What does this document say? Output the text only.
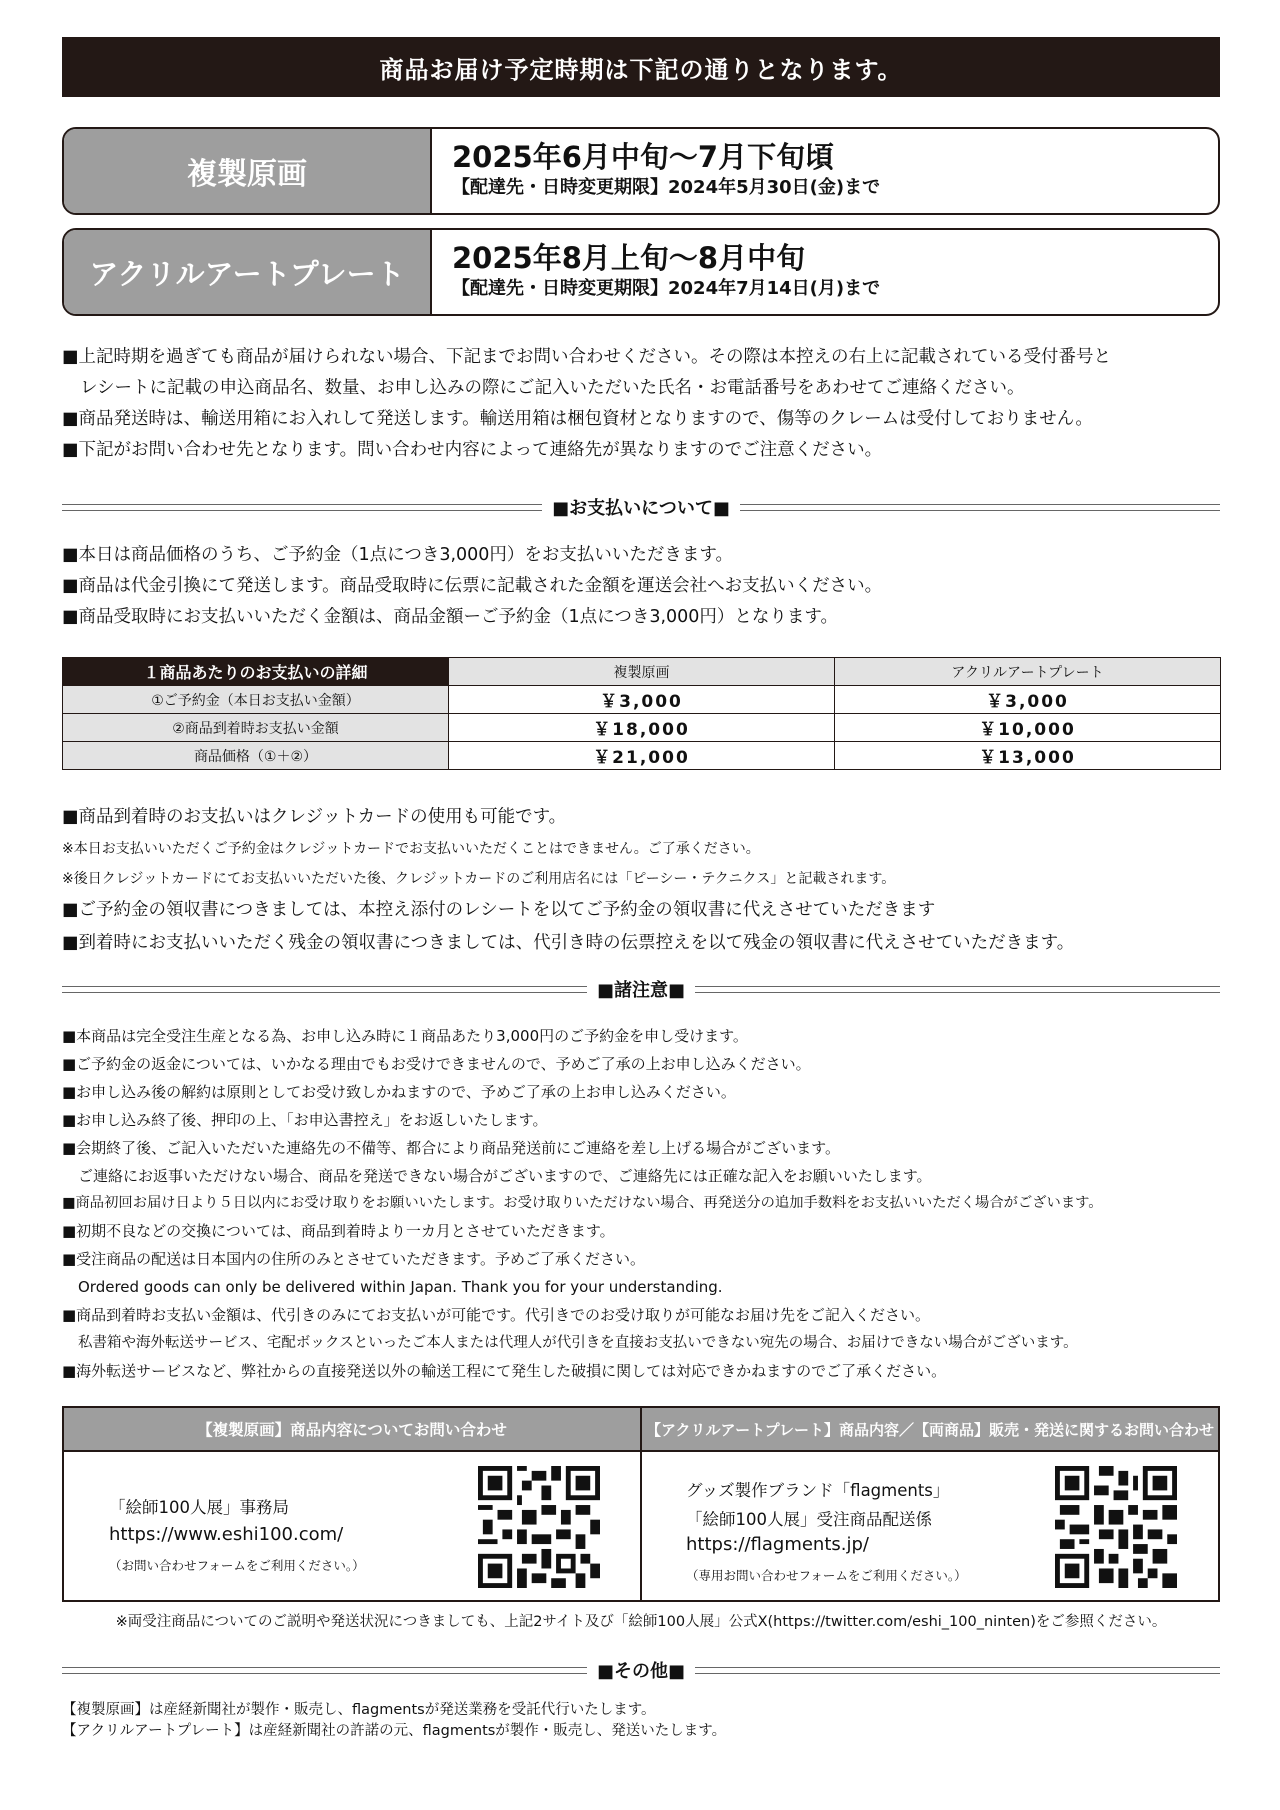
商品お届け予定時期は下記の通りとなります。
複製原画	2025年6月中旬〜7月下旬頃
【配達先・日時変更期限】2024年5月30日(金)まで
アクリルアートプレート	2025年8月上旬〜8月中旬
【配達先・日時変更期限】2024年7月14日(月)まで

■上記時期を過ぎても商品が届けられない場合、下記までお問い合わせください。その際は本控えの右上に記載されている受付番号と

レシートに記載の申込商品名、数量、お申し込みの際にご記入いただいた氏名・お電話番号をあわせてご連絡ください。

■商品発送時は、輸送用箱にお入れして発送します。輸送用箱は梱包資材となりますので、傷等のクレームは受付しておりません。

■下記がお問い合わせ先となります。問い合わせ内容によって連絡先が異なりますのでご注意ください。

■お支払いについて■

■本日は商品価格のうち、ご予約金（1点につき3,000円）をお支払いいただきます。

■商品は代金引換にて発送します。商品受取時に伝票に記載された金額を運送会社へお支払いください。

■商品受取時にお支払いいただく金額は、商品金額ーご予約金（1点につき3,000円）となります。

１商品あたりのお支払いの詳細	複製原画	アクリルアートプレート
①ご予約金（本日お支払い金額）	￥3,000	￥3,000
②商品到着時お支払い金額	￥18,000	￥10,000
商品価格（①＋②）	￥21,000	￥13,000

■商品到着時のお支払いはクレジットカードの使用も可能です。

※本日お支払いいただくご予約金はクレジットカードでお支払いいただくことはできません。ご了承ください。

※後日クレジットカードにてお支払いいただいた後、クレジットカードのご利用店名には「ピーシー・テクニクス」と記載されます。

■ご予約金の領収書につきましては、本控え添付のレシートを以てご予約金の領収書に代えさせていただきます

■到着時にお支払いいただく残金の領収書につきましては、代引き時の伝票控えを以て残金の領収書に代えさせていただきます。

■諸注意■

■本商品は完全受注生産となる為、お申し込み時に１商品あたり3,000円のご予約金を申し受けます。

■ご予約金の返金については、いかなる理由でもお受けできませんので、予めご了承の上お申し込みください。

■お申し込み後の解約は原則としてお受け致しかねますので、予めご了承の上お申し込みください。

■お申し込み終了後、押印の上、「お申込書控え」をお返しいたします。

■会期終了後、ご記入いただいた連絡先の不備等、都合により商品発送前にご連絡を差し上げる場合がございます。

ご連絡にお返事いただけない場合、商品を発送できない場合がございますので、ご連絡先には正確な記入をお願いいたします。

■商品初回お届け日より５日以内にお受け取りをお願いいたします。お受け取りいただけない場合、再発送分の追加手数料をお支払いいただく場合がございます。

■初期不良などの交換については、商品到着時より一カ月とさせていただきます。

■受注商品の配送は日本国内の住所のみとさせていただきます。予めご了承ください。

Ordered goods can only be delivered within Japan. Thank you for your understanding.

■商品到着時お支払い金額は、代引きのみにてお支払いが可能です。代引きでのお受け取りが可能なお届け先をご記入ください。

私書箱や海外転送サービス、宅配ボックスといったご本人または代理人が代引きを直接お支払いできない宛先の場合、お届けできない場合がございます。

■海外転送サービスなど、弊社からの直接発送以外の輸送工程にて発生した破損に関しては対応できかねますのでご了承ください。

【複製原画】商品内容についてお問い合わせ
「絵師100人展」事務局
https://www.eshi100.com/
（お問い合わせフォームをご利用ください。）
【アクリルアートプレート】商品内容／【両商品】販売・発送に関するお問い合わせ
グッズ製作ブランド「flagments」
「絵師100人展」受注商品配送係
https://flagments.jp/
（専用お問い合わせフォームをご利用ください。）
※両受注商品についてのご説明や発送状況につきましても、上記2サイト及び「絵師100人展」公式X(https://twitter.com/eshi_100_ninten)をご参照ください。
■その他■

【複製原画】は産経新聞社が製作・販売し、flagmentsが発送業務を受託代行いたします。

【アクリルアートプレート】は産経新聞社の許諾の元、flagmentsが製作・販売し、発送いたします。
